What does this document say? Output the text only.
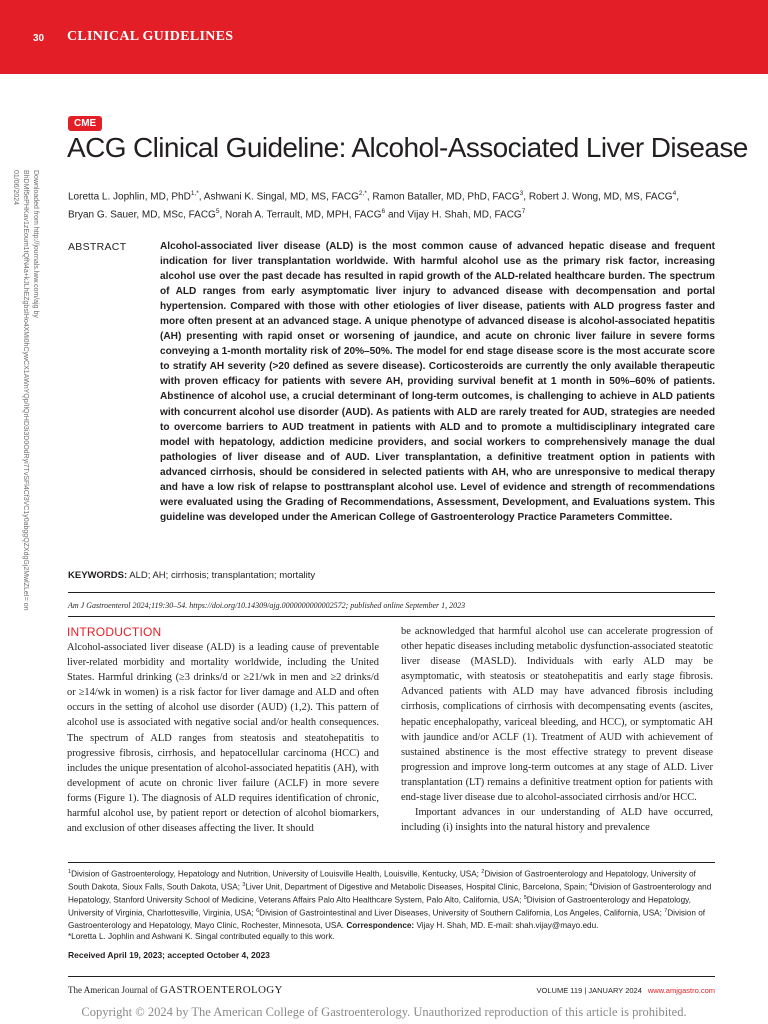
30 CLINICAL GUIDELINES
CME
ACG Clinical Guideline: Alcohol-Associated Liver Disease
Loretta L. Jophlin, MD, PhD$^{1,*}$, Ashwani K. Singal, MD, MS, $FACG^{2,*}$, Ramon Bataller, MD, PhD, FACG$^3$, Robert J. Wong, MD, MS, FACG$^4$,
Bryan G. Sauer, MD, MSc, FACG$^5$, Norah A. Terrault, MD, MPH, FACG$^6$ and Vijay H. Shah, MD, FACG$^7$
Downloaded from http://journals.lww.com/ajg by BhDMf5ePHKav1zEoum1tQfN4a+kJLhEZgbsIHo4XMi0hCywCX1AWnYQp/IlQrHD3i3D0OdRyi7TvSFl4Cf3VC1y0abggQZXdgGj2MwlZLeI= on 01/06/2024
ABSTRACT	Alcohol-associated liver disease (ALD) is the most common cause of advanced hepatic disease and frequent indication for liver transplantation worldwide. With harmful alcohol use as the primary risk factor, increasing alcohol use over the past decade has resulted in rapid growth of the ALD-related healthcare burden. The spectrum of ALD ranges from early asymptomatic liver injury to advanced disease with decompensation and portal hypertension. Compared with those with other etiologies of liver disease, patients with ALD progress faster and more often present at an advanced stage. A unique phenotype of advanced disease is alcohol-associated hepatitis (AH) presenting with rapid onset or worsening of jaundice, and acute on chronic liver failure in severe forms conveying a 1-month mortality risk of 20%–50%. The model for end stage disease score is the most accurate score to stratify AH severity (>20 defined as severe disease). Corticosteroids are currently the only available therapeutic with proven efficacy for patients with severe AH, providing survival benefit at 1 month in 50%–60% of patients. Abstinence of alcohol use, a crucial determinant of long-term outcomes, is challenging to achieve in ALD patients with concurrent alcohol use disorder (AUD). As patients with ALD are rarely treated for AUD, strategies are needed to overcome barriers to AUD treatment in patients with ALD and to promote a multidisciplinary integrated care model with hepatology, addiction medicine providers, and social workers to comprehensively manage the dual pathologies of liver disease and of AUD. Liver transplantation, a definitive treatment option in patients with advanced cirrhosis, should be considered in selected patients with AH, who are unresponsive to medical therapy and have a low risk of relapse to posttransplant alcohol use. Level of evidence and strength of recommendations were evaluated using the Grading of Recommendations, Assessment, Development, and Evaluations system. This guideline was developed under the American College of Gastroenterology Practice Parameters Committee.
KEYWORDS: ALD; AH; cirrhosis; transplantation; mortality
Am J Gastroenterol 2024;119:30–54. https://doi.org/10.14309/ajg.0000000000002572; published online September 1, 2023
INTRODUCTION

Alcohol-associated liver disease (ALD) is a leading cause of preventable liver-related morbidity and mortality worldwide, including the United States. Harmful drinking (≥3 drinks/d or ≥21/wk in men and ≥2 drinks/d or ≥14/wk in women) is a risk factor for liver damage and ALD and often occurs in the setting of alcohol use disorder (AUD) (1,2). This pattern of alcohol use is associated with negative social and/or health consequences. The spectrum of ALD ranges from steatosis and steatohepatitis to progressive fibrosis, cirrhosis, and hepatocellular carcinoma (HCC) and includes the unique presentation of alcohol-associated hepatitis (AH), with development of acute on chronic liver failure (ACLF) in more severe forms (Figure 1). The diagnosis of ALD requires identification of chronic, harmful alcohol use, by patient report or detection of alcohol biomarkers, and exclusion of other diseases affecting the liver. It should

be acknowledged that harmful alcohol use can accelerate progression of other hepatic diseases including metabolic dysfunction-associated steatotic liver disease (MASLD). Individuals with early ALD may be asymptomatic, with steatosis or steatohepatitis and early stage fibrosis. Advanced patients with ALD may have advanced fibrosis including cirrhosis, complications of cirrhosis with decompensating events (ascites, hepatic encephalopathy, variceal bleeding, and HCC), or symptomatic AH with jaundice and/or ACLF (1). Treatment of AUD with achievement of sustained abstinence is the most effective strategy to prevent disease progression and improve long-term outcomes at any stage of ALD. Liver transplantation (LT) remains a definitive treatment option for patients with end-stage liver disease due to alcohol-associated cirrhosis and/or HCC.

Important advances in our understanding of ALD have occurred, including (i) insights into the natural history and prevalence

$^1$Division of Gastroenterology, Hepatology and Nutrition, University of Louisville Health, Louisville, Kentucky, USA; $^2$Division of Gastroenterology and Hepatology, University of South Dakota, Sioux Falls, South Dakota, USA; $^3$Liver Unit, Department of Digestive and Metabolic Diseases, Hospital Clinic, Barcelona, Spain; $^4$Division of Gastroenterology and Hepatology, Stanford University School of Medicine, Veterans Affairs Palo Alto Healthcare System, Palo Alto, California, USA; $^5$Division of Gastroenterology and Hepatology, University of Virginia, Charlottesville, Virginia, USA; $^6$Division of Gastrointestinal and Liver Diseases, University of Southern California, Los Angeles, California, USA; $^7$Division of Gastroenterology and Hepatology, Mayo Clinic, Rochester, Minnesota, USA. Correspondence: Vijay H. Shah, MD. E-mail: shah.vijay@mayo.edu.
*Loretta L. Jophlin and Ashwani K. Singal contributed equally to this work.
Received April 19, 2023; accepted October 4, 2023
The American Journal of GASTROENTEROLOGY	VOLUME 119 | JANUARY 2024 www.amjgastro.com
Copyright © 2024 by The American College of Gastroenterology. Unauthorized reproduction of this article is prohibited.
